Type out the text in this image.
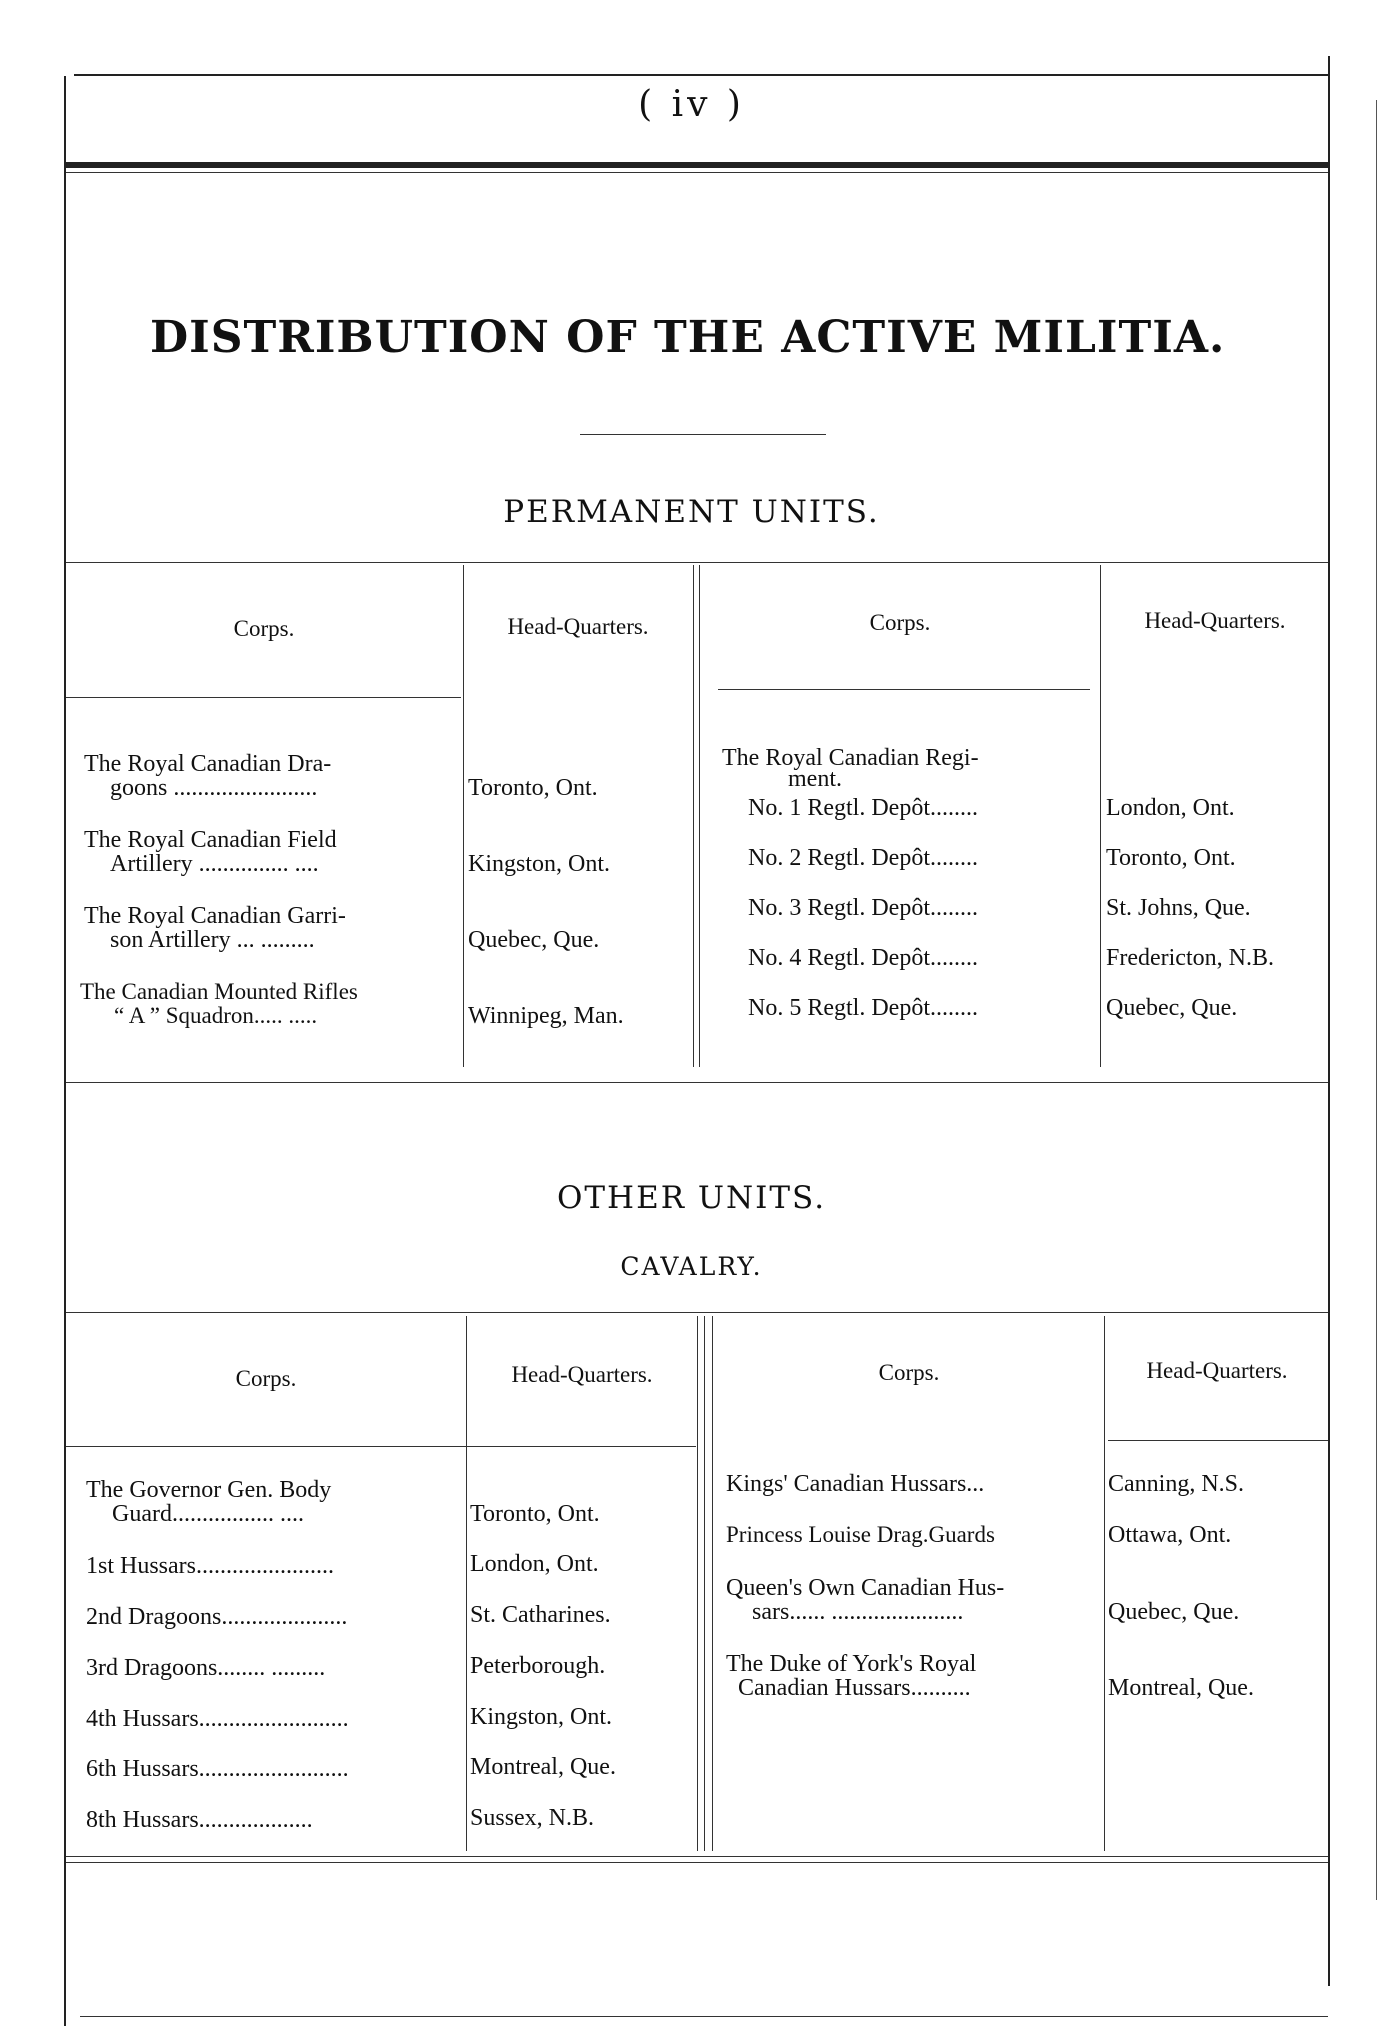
( iv )
DISTRIBUTION OF THE ACTIVE MILITIA.
PERMANENT UNITS.
Corps.	Head-Quarters.	Corps.	Head-Quarters.
The Royal Canadian Dra-
goons ........................	Toronto, Ont.
The Royal Canadian Field
Artillery ............... ....	Kingston, Ont.
The Royal Canadian Garri-
son Artillery ... .........	Quebec, Que.
The Canadian Mounted Rifles
“ A ” Squadron..... .....	Winnipeg, Man.
The Royal Canadian Regi-
ment.
No. 1 Regtl. Depôt........	London, Ont.
No. 2 Regtl. Depôt........	Toronto, Ont.
No. 3 Regtl. Depôt........	St. Johns, Que.
No. 4 Regtl. Depôt........	Fredericton, N.B.
No. 5 Regtl. Depôt........	Quebec, Que.
OTHER UNITS.
CAVALRY.
Corps.	Head-Quarters.	Corps.	Head-Quarters.
The Governor Gen. Body
Guard................. ....	Toronto, Ont.
1st Hussars.......................	London, Ont.
2nd Dragoons.....................	St. Catharines.
3rd Dragoons........ .........	Peterborough.
4th Hussars.........................	Kingston, Ont.
6th Hussars.........................	Montreal, Que.
8th Hussars...................	Sussex, N.B.
Kings' Canadian Hussars...	Canning, N.S.
Princess Louise Drag.Guards	Ottawa, Ont.
Queen's Own Canadian Hus-
sars...... ......................	Quebec, Que.
The Duke of York's Royal
Canadian Hussars..........	Montreal, Que.
